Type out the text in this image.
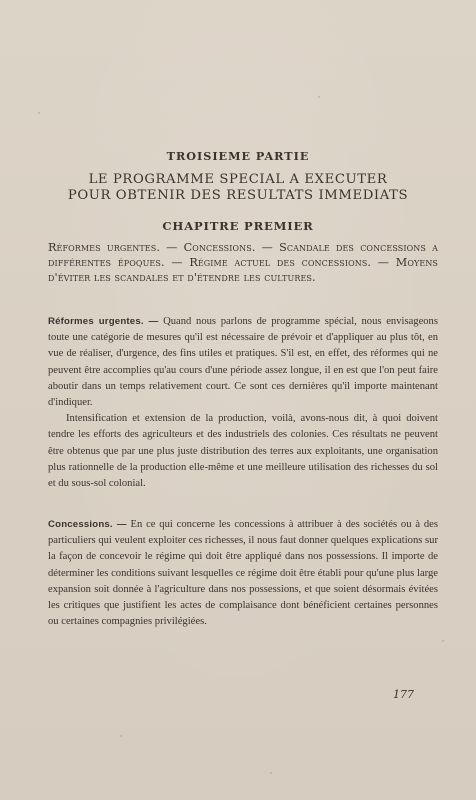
TROISIEME PARTIE
LE PROGRAMME SPECIAL A EXECUTER
POUR OBTENIR DES RESULTATS IMMEDIATS
CHAPITRE PREMIER
Réformes urgentes. — Concessions. — Scandale des concessions a différentes époques. — Régime actuel des concessions. — Moyens d'éviter les scandales et d'étendre les cultures.

Réformes urgentes. — Quand nous parlons de programme spécial, nous envisageons toute une catégorie de mesures qu'il est nécessaire de prévoir et d'appliquer au plus tôt, en vue de réaliser, d'urgence, des fins utiles et pratiques. S'il est, en effet, des réformes qui ne peuvent être accomplies qu'au cours d'une période assez longue, il en est que l'on peut faire aboutir dans un temps relativement court. Ce sont ces dernières qu'il importe maintenant d'indiquer.

Intensification et extension de la production, voilà, avons-nous dit, à quoi doivent tendre les efforts des agriculteurs et des industriels des colonies. Ces résultats ne peuvent être obtenus que par une plus juste distribution des terres aux exploitants, une organisation plus rationnelle de la production elle-même et une meilleure utilisation des richesses du sol et du sous-sol colonial.

Concessions. — En ce qui concerne les concessions à attribuer à des sociétés ou à des particuliers qui veulent exploiter ces richesses, il nous faut donner quelques explications sur la façon de concevoir le régime qui doit être appliqué dans nos possessions. Il importe de déterminer les conditions suivant lesquelles ce régime doit être établi pour qu'une plus large expansion soit donnée à l'agriculture dans nos possessions, et que soient désormais évitées les critiques que justifient les actes de complaisance dont bénéficient certaines personnes ou certaines compagnies privilégiées.

177
